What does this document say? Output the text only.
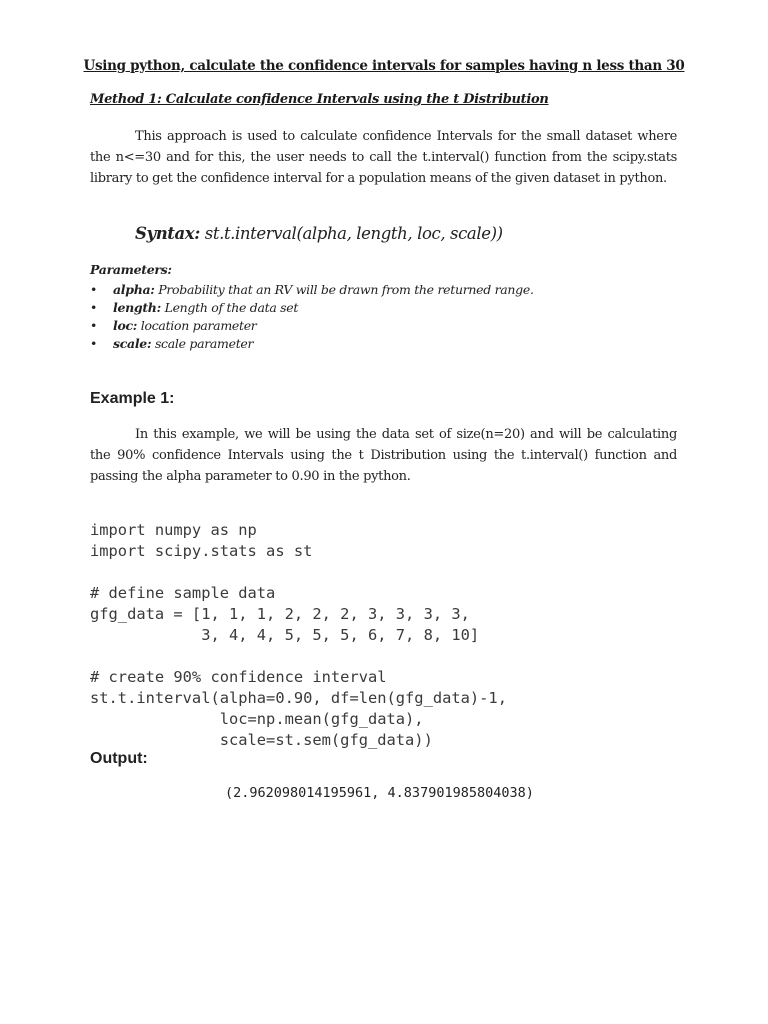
Using python, calculate the confidence intervals for samples having n less than 30
Method 1: Calculate confidence Intervals using the t Distribution
This approach is used to calculate confidence Intervals for the small dataset where the n<=30 and for this, the user needs to call the t.interval() function from the scipy.stats library to get the confidence interval for a population means of the given dataset in python.
Syntax: st.t.interval(alpha, length, loc, scale))
Parameters:
• alpha: Probability that an RV will be drawn from the returned range.
• length: Length of the data set
• loc: location parameter
• scale: scale parameter
Example 1:
In this example, we will be using the data set of size(n=20) and will be calculating the 90% confidence Intervals using the t Distribution using the t.interval() function and passing the alpha parameter to 0.90 in the python.
import numpy as np
import scipy.stats as st

# define sample data
gfg_data = [1, 1, 1, 2, 2, 2, 3, 3, 3, 3,
3, 4, 4, 5, 5, 5, 6, 7, 8, 10]

# create 90% confidence interval
st.t.interval(alpha=0.90, df=len(gfg_data)-1,
loc=np.mean(gfg_data),
scale=st.sem(gfg_data))
Output:
(2.962098014195961, 4.837901985804038)
